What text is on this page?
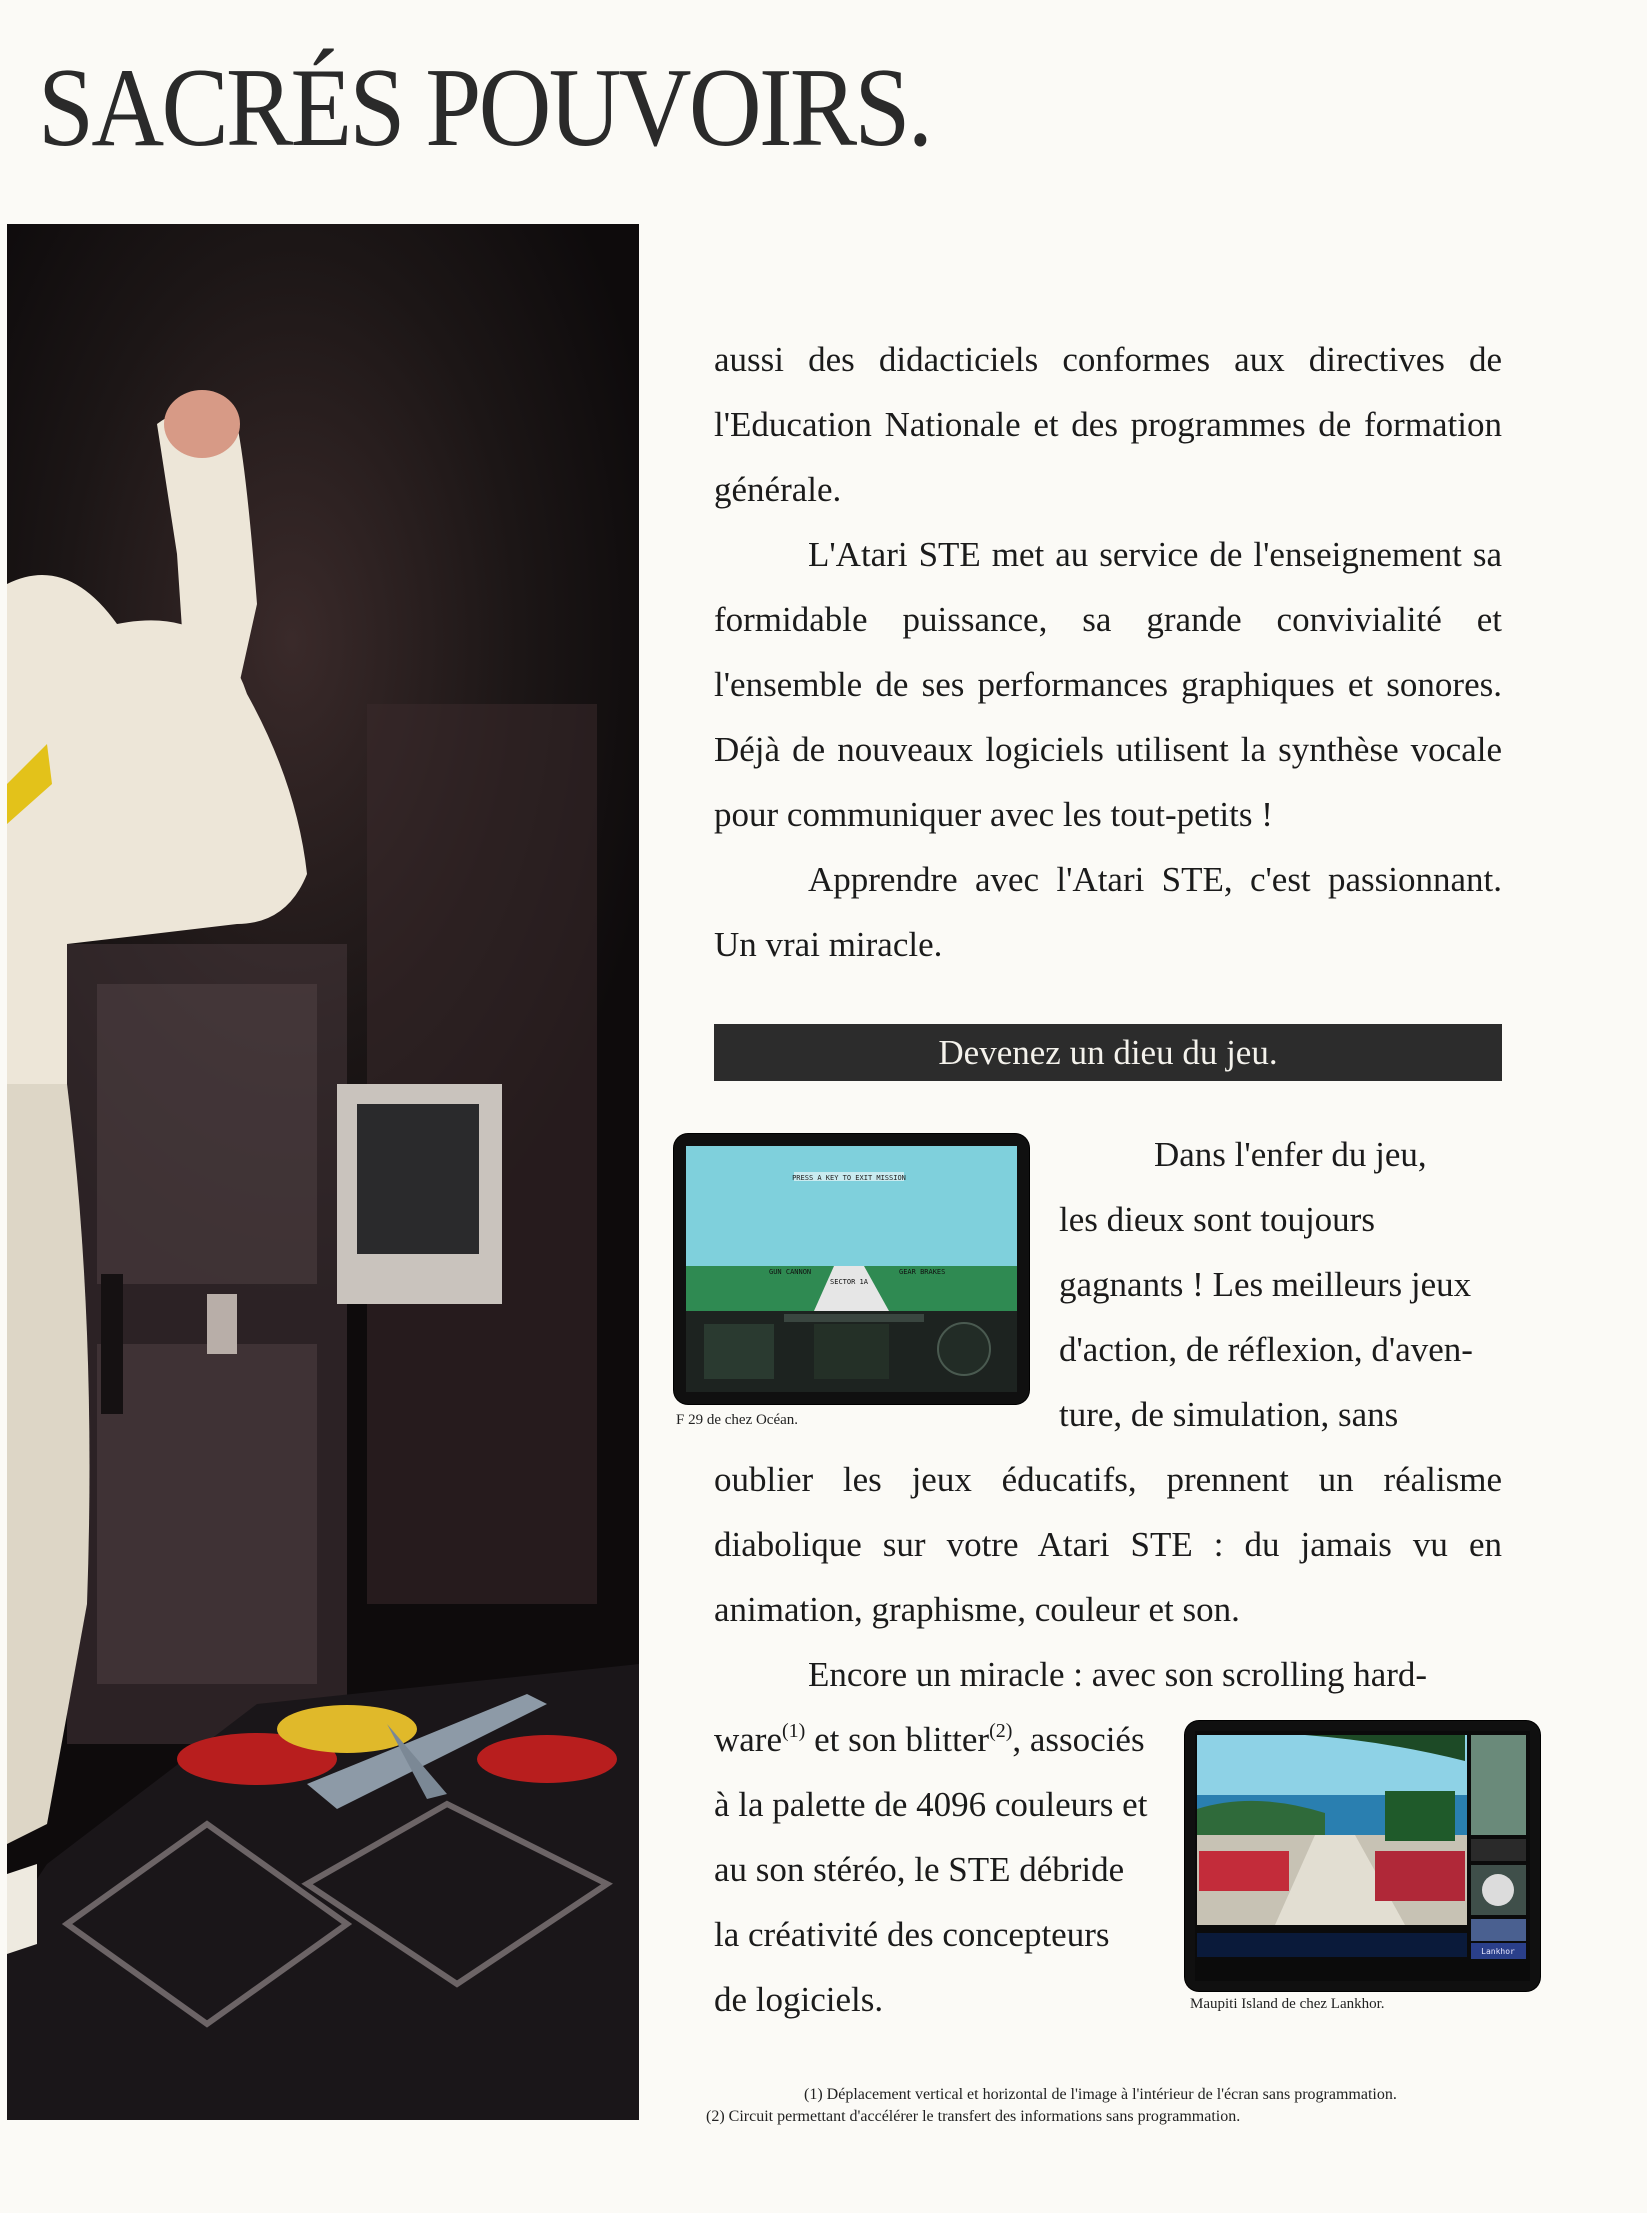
SACRÉS POUVOIRS.

aussi des didacticiels conformes aux directives de l'Education Nationale et des programmes de formation générale.

L'Atari STE met au service de l'enseignement sa formidable puissance, sa grande convivialité et l'ensemble de ses performances graphiques et sonores. Déjà de nouveaux logiciels utilisent la synthèse vocale pour communiquer avec les tout-petits !

Apprendre avec l'Atari STE, c'est passionnant. Un vrai miracle.

Devenez un dieu du jeu.
PRESS A KEY TO EXIT MISSION
GUN CANNON	GEAR BRAKES
SECTOR 1A
F 29 de chez Océan.

Dans l'enfer du jeu,

les dieux sont toujours

gagnants ! Les meilleurs jeux

d'action, de réflexion, d'aven-

ture, de simulation, sans

oublier les jeux éducatifs, prennent un réalisme diabolique sur votre Atari STE : du jamais vu en animation, graphisme, couleur et son.

Encore un miracle : avec son scrolling hard-

ware$^{(1)}$ et son blitter$^{(2)}$, associés

à la palette de 4096 couleurs et

au son stéréo, le STE débride

la créativité des concepteurs

de logiciels.

Lankhor
Maupiti Island de chez Lankhor.
(1) Déplacement vertical et horizontal de l'image à l'intérieur de l'écran sans programmation.
(2) Circuit permettant d'accélérer le transfert des informations sans programmation.
